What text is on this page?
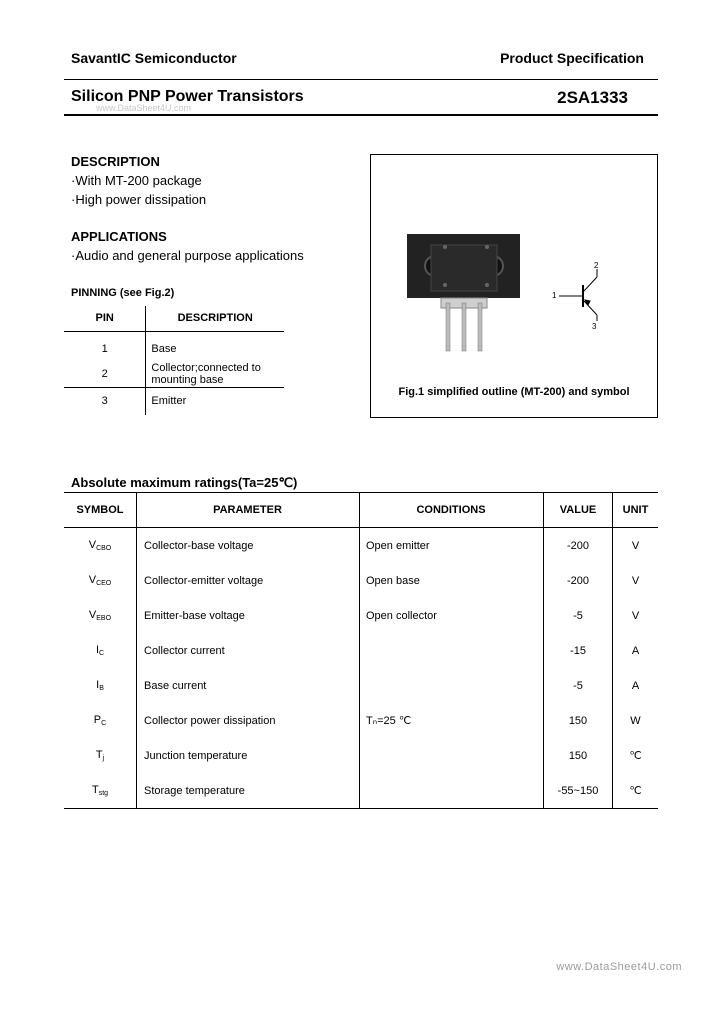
SavantIC Semiconductor	Product Specification
Silicon PNP Power Transistors	2SA1333
www.DataSheet4U.com
DESCRIPTION
·With MT-200 package
·High power dissipation
APPLICATIONS
·Audio and general purpose applications
PINNING (see Fig.2)
PIN	DESCRIPTION
1	Base
2	Collector;connected to mounting base
3	Emitter
1
2
3
Fig.1 simplified outline (MT-200) and symbol
Absolute maximum ratings(Ta=25℃)
SYMBOL	PARAMETER	CONDITIONS	VALUE	UNIT
$V_{CBO}$	Collector-base voltage	Open emitter	-200	V
$V_{CEO}$	Collector-emitter voltage	Open base	-200	V
$V_{EBO}$	Emitter-base voltage	Open collector	-5	V
$I_C$	Collector current		-15	A
$I_B$	Base current		-5	A
$P_C$	Collector power dissipation	Tₙ=25 ℃	150	W
$T_j$	Junction temperature		150	℃
$T_{stg}$	Storage temperature		-55~150	℃
www.DataSheet4U.com
